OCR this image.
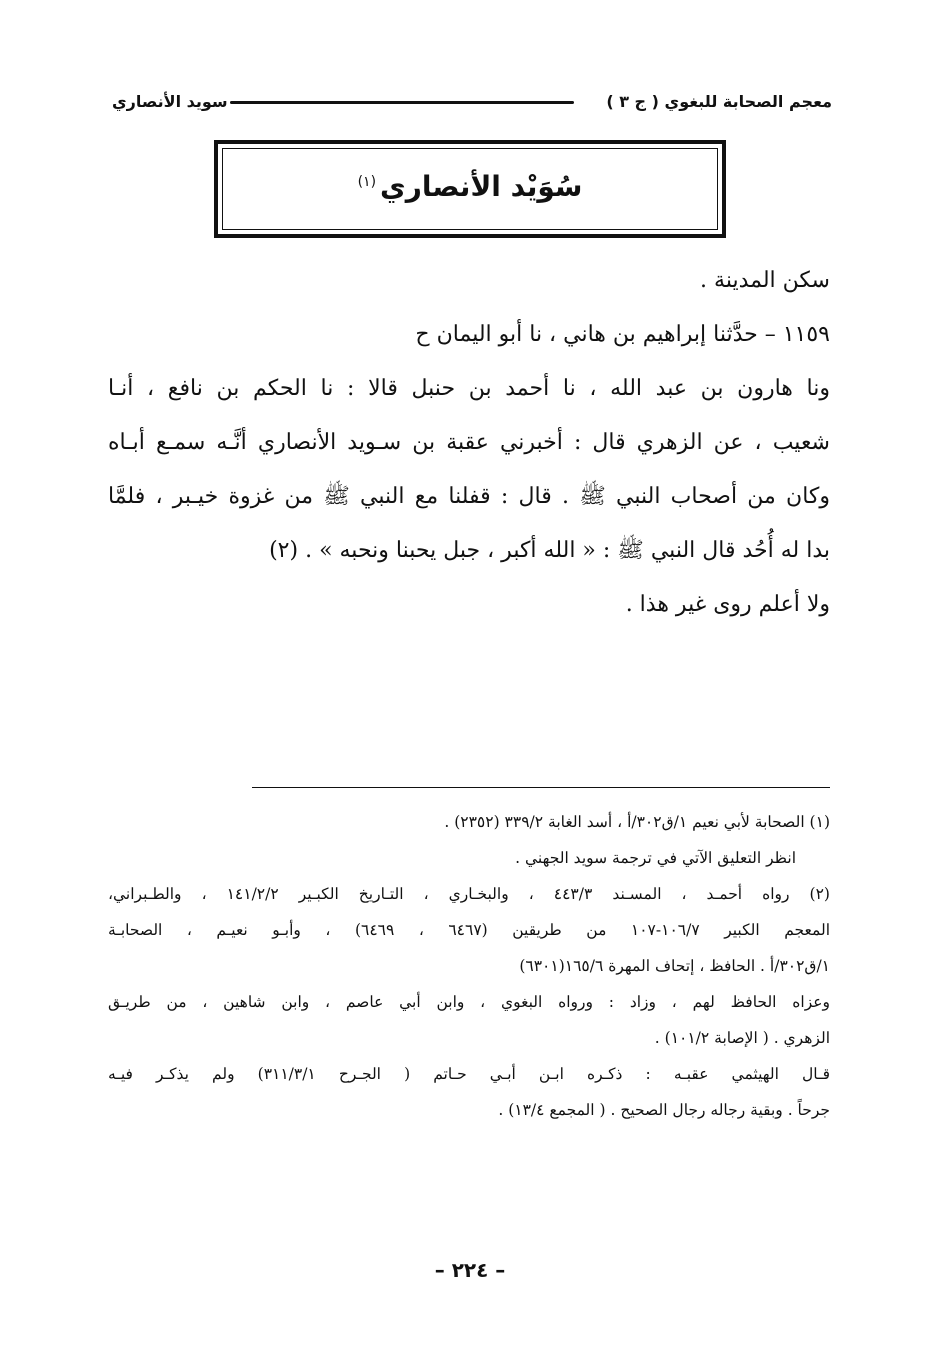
معجم الصحابة للبغوي ( ج ٣ )
سويد الأنصاري
سُوَيْد الأنصاري$^{(١)}$
سكن المدينة .
١١٥٩ – حدَّثنا إبراهيم بن هاني ، نا أبو اليمان ح
ونا هارون بن عبد الله ، نا أحمد بن حنبل قالا : نا الحكم بن نافع ، أنـا
شعيب ، عن الزهري قال : أخبرني عقبة بن سـويد الأنصاري أنَّـه سمـع أبـاه
وكان من أصحاب النبي ﷺ . قال : قفلنا مع النبي ﷺ من غزوة خيـبر ، فلمَّا
بدا له أُحُد قال النبي ﷺ : « الله أكبر ، جبل يحبنا ونحبه » . (٢)
ولا أعلم روى غير هذا .
(١) الصحابة لأبي نعيم ١/ق٣٠٢/أ ، أسد الغابة ٣٣٩/٢ (٢٣٥٢) .
انظر التعليق الآتي في ترجمة سويد الجهني .
(٢) رواه أحمـد ، المسـند ٤٤٣/٣ ، والبخـاري ، التـاريخ الكبـير ١٤١/٢/٢ ، والطـبراني،
المعجم الكبير ١٠٦/٧-١٠٧ من طريقين (٦٤٦٧ ، ٦٤٦٩) ، وأبـو نعيـم ، الصحابـة
١/ق٣٠٢/أ . الحافظ ، إتحاف المهرة ١٦٥/٦(٦٣٠١)
وعزاه الحافظ لهم ، وزاد : ورواه البغوي ، وابن أبي عاصم ، وابن شاهين ، من طريـق
الزهري . ( الإصابة ١٠١/٢) .
قـال الهيثمي عقبـه : ذكـره ابـن أبـي حـاتم ( الجـرح ٣١١/٣/١) ولم يذكـر فيـه
جرحاً . وبقية رجاله رجال الصحيح . ( المجمع ١٣/٤) .
– ٢٢٤ –
